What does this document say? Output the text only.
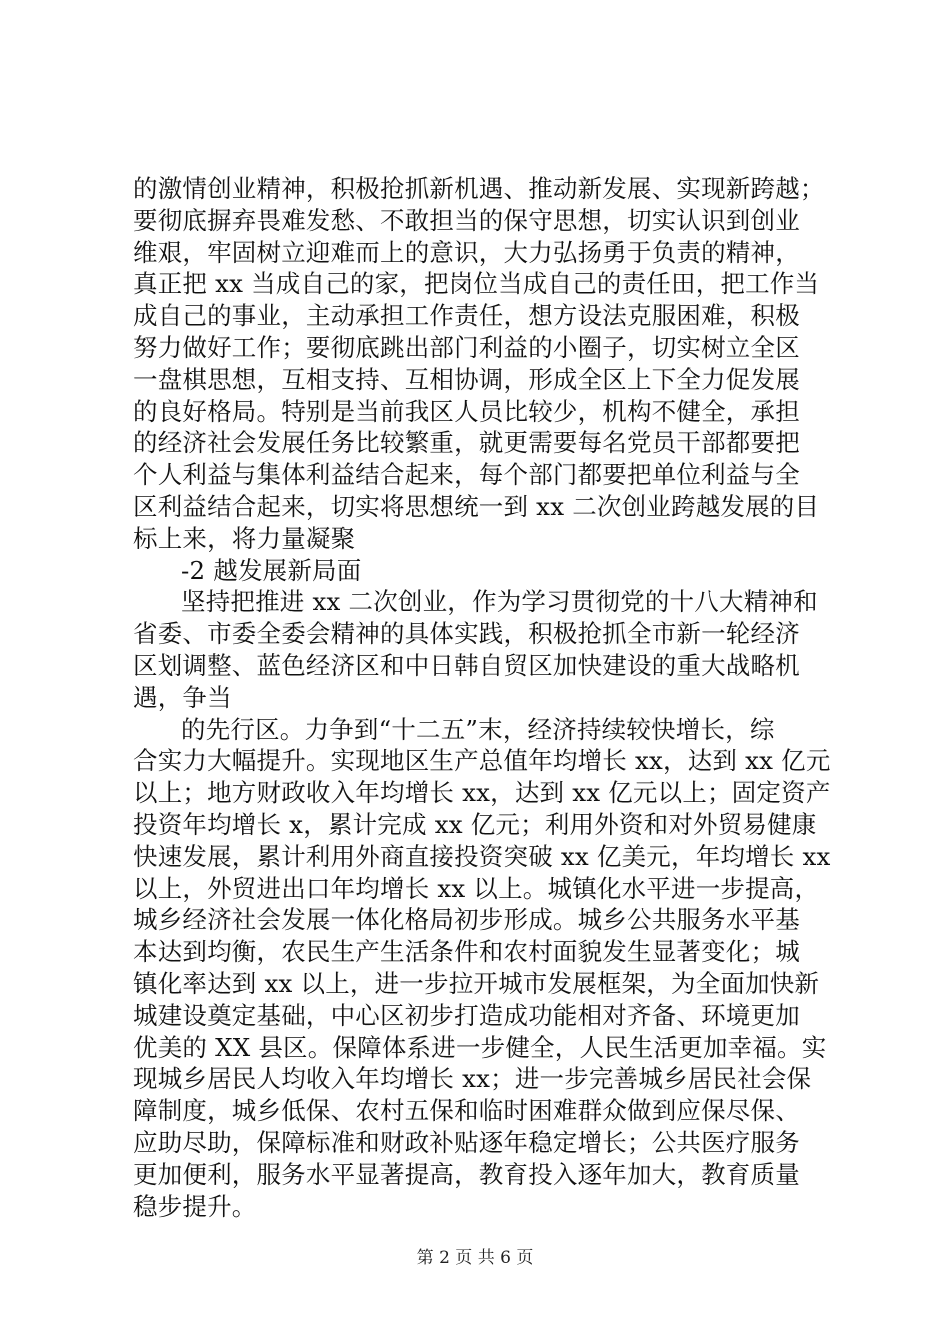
的激情创业精神，积极抢抓新机遇、推动新发展、实现新跨越；
要彻底摒弃畏难发愁、不敢担当的保守思想，切实认识到创业
维艰，牢固树立迎难而上的意识，大力弘扬勇于负责的精神，
真正把 xx 当成自己的家，把岗位当成自己的责任田，把工作当
成自己的事业，主动承担工作责任，想方设法克服困难，积极
努力做好工作；要彻底跳出部门利益的小圈子，切实树立全区
一盘棋思想，互相支持、互相协调，形成全区上下全力促发展
的良好格局。特别是当前我区人员比较少，机构不健全，承担
的经济社会发展任务比较繁重，就更需要每名党员干部都要把
个人利益与集体利益结合起来，每个部门都要把单位利益与全
区利益结合起来，切实将思想统一到 xx 二次创业跨越发展的目
标上来，将力量凝聚
-2 越发展新局面
坚持把推进 xx 二次创业，作为学习贯彻党的十八大精神和
省委、市委全委会精神的具体实践，积极抢抓全市新一轮经济
区划调整、蓝色经济区和中日韩自贸区加快建设的重大战略机
遇，争当
的先行区。力争到“十二五”末，经济持续较快增长，综
合实力大幅提升。实现地区生产总值年均增长 xx，达到 xx 亿元
以上；地方财政收入年均增长 xx，达到 xx 亿元以上；固定资产
投资年均增长 x，累计完成 xx 亿元；利用外资和对外贸易健康
快速发展，累计利用外商直接投资突破 xx 亿美元，年均增长 xx
以上，外贸进出口年均增长 xx 以上。城镇化水平进一步提高，
城乡经济社会发展一体化格局初步形成。城乡公共服务水平基
本达到均衡，农民生产生活条件和农村面貌发生显著变化；城
镇化率达到 xx 以上，进一步拉开城市发展框架，为全面加快新
城建设奠定基础，中心区初步打造成功能相对齐备、环境更加
优美的 XX 县区。保障体系进一步健全，人民生活更加幸福。实
现城乡居民人均收入年均增长 xx；进一步完善城乡居民社会保
障制度，城乡低保、农村五保和临时困难群众做到应保尽保、
应助尽助，保障标准和财政补贴逐年稳定增长；公共医疗服务
更加便利，服务水平显著提高，教育投入逐年加大，教育质量
稳步提升。
第 2 页 共 6 页
